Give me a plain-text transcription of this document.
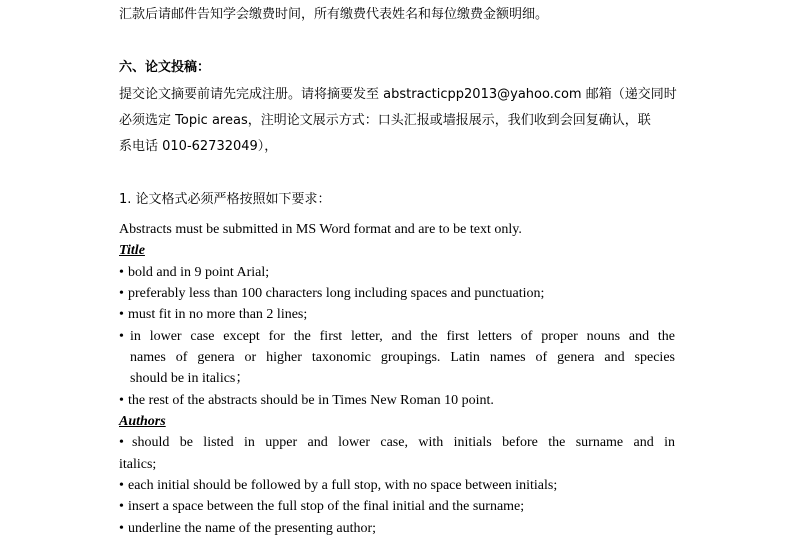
汇款后请邮件告知学会缴费时间，所有缴费代表姓名和每位缴费金额明细。
六、论文投稿：
提交论文摘要前请先完成注册。请将摘要发至 abstracticpp2013@yahoo.com 邮箱（递交同时
必须选定 Topic areas，注明论文展示方式：口头汇报或墙报展示，我们收到会回复确认，联
系电话 010-62732049），
1. 论文格式必须严格按照如下要求：
Abstracts must be submitted in MS Word format and are to be text only.
Title
• bold and in 9 point Arial;
• preferably less than 100 characters long including spaces and punctuation;
• must fit in no more than 2 lines;
• in lower case except for the first letter, and the first letters of proper nouns and the
names of genera or higher taxonomic groupings. Latin names of genera and species
should be in italics；
• the rest of the abstracts should be in Times New Roman 10 point.
Authors
• should be listed in upper and lower case, with initials before the surname and in
italics;
• each initial should be followed by a full stop, with no space between initials;
• insert a space between the full stop of the final initial and the surname;
• underline the name of the presenting author;
